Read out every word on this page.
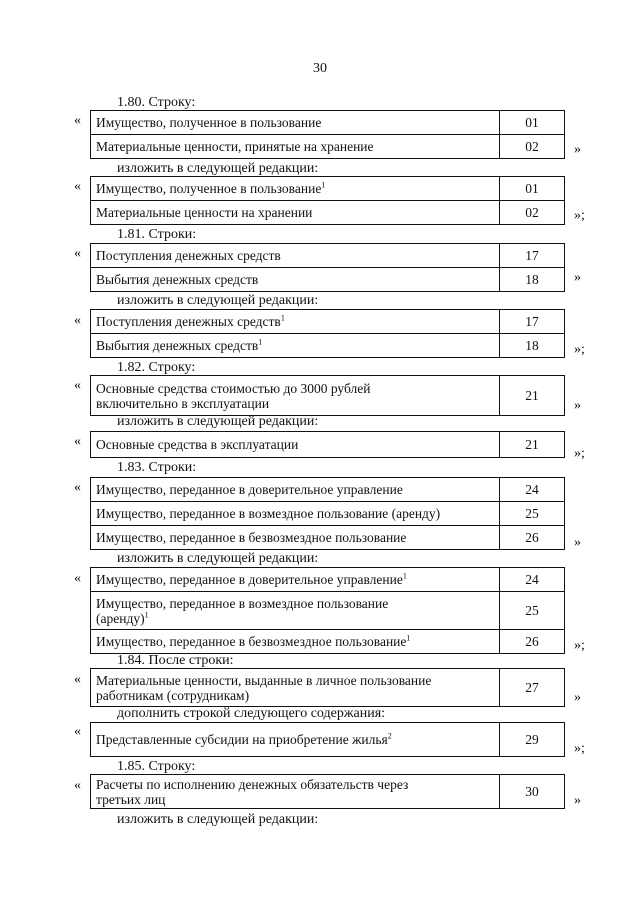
30
1.80. Строку:
« Имущество, полученное в пользование	01
Материальные ценности, принятые на хранение	02	»
изложить в следующей редакции:
« Имущество, полученное в пользование$^1$	01
Материальные ценности на хранении	02	»;
1.81. Строки:
« Поступления денежных средств	17
Выбытия денежных средств	18	»
изложить в следующей редакции:
« Поступления денежных средств$^1$	17
Выбытия денежных средств$^1$	18	»;
1.82. Строку:
« Основные средства стоимостью до 3000 рублей
включительно в эксплуатации	21
»
изложить в следующей редакции:
« Основные средства в эксплуатации	21
»;
1.83. Строки:
« Имущество, переданное в доверительное управление	24
Имущество, переданное в возмездное пользование (аренду)	25
Имущество, переданное в безвозмездное пользование	26	»
изложить в следующей редакции:
« Имущество, переданное в доверительное управление$^1$	24
Имущество, переданное в возмездное пользование
(аренду)$^1$	25
Имущество, переданное в безвозмездное пользование$^1$	26	»;
1.84. После строки:
« Материальные ценности, выданные в личное пользование
работникам (сотрудникам)	27
»
дополнить строкой следующего содержания:
«
Представленные субсидии на приобретение жилья$^2$	29
»;
1.85. Строку:
« Расчеты по исполнению денежных обязательств через
третьих лиц	30
»
изложить в следующей редакции:
